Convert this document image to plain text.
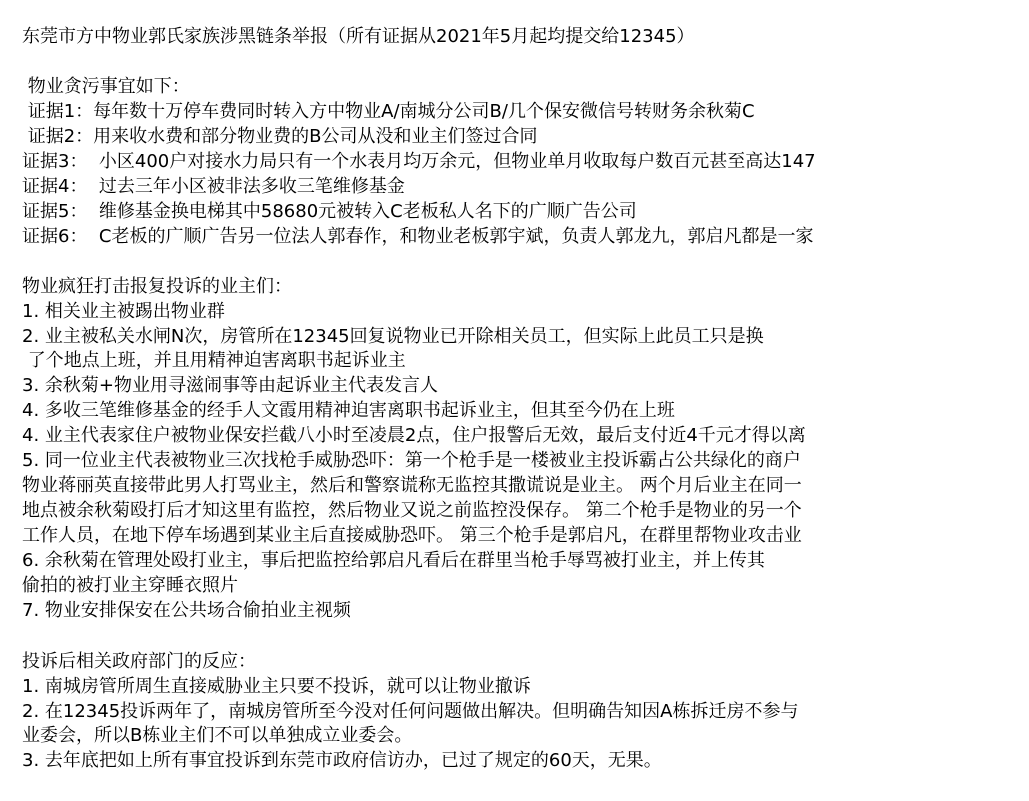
东莞市方中物业郭氏家族涉黑链条举报（所有证据从2021年5月起均提交给12345）
物业贪污事宜如下：
证据1：每年数十万停车费同时转入方中物业A/南城分公司B/几个保安微信号转财务余秋菊C
证据2：用来收水费和部分物业费的B公司从没和业主们签过合同
证据3：  小区400户对接水力局只有一个水表月均万余元，但物业单月收取每户数百元甚至高达147
证据4：  过去三年小区被非法多收三笔维修基金
证据5：  维修基金换电梯其中58680元被转入C老板私人名下的广顺广告公司
证据6：  C老板的广顺广告另一位法人郭春作，和物业老板郭宇斌，负责人郭龙九，郭启凡都是一家
物业疯狂打击报复投诉的业主们：
1. 相关业主被踢出物业群
2. 业主被私关水闸N次，房管所在12345回复说物业已开除相关员工，但实际上此员工只是换
了个地点上班，并且用精神迫害离职书起诉业主
3. 余秋菊+物业用寻滋闹事等由起诉业主代表发言人
4. 多收三笔维修基金的经手人文霞用精神迫害离职书起诉业主，但其至今仍在上班
4. 业主代表家住户被物业保安拦截八小时至凌晨2点，住户报警后无效，最后支付近4千元才得以离
5. 同一位业主代表被物业三次找枪手威胁恐吓：第一个枪手是一楼被业主投诉霸占公共绿化的商户
物业蒋丽英直接带此男人打骂业主，然后和警察谎称无监控其撒谎说是业主。 两个月后业主在同一
地点被余秋菊殴打后才知这里有监控，然后物业又说之前监控没保存。 第二个枪手是物业的另一个
工作人员，在地下停车场遇到某业主后直接威胁恐吓。 第三个枪手是郭启凡，在群里帮物业攻击业
6. 余秋菊在管理处殴打业主，事后把监控给郭启凡看后在群里当枪手辱骂被打业主，并上传其
偷拍的被打业主穿睡衣照片
7. 物业安排保安在公共场合偷拍业主视频
投诉后相关政府部门的反应：
1. 南城房管所周生直接威胁业主只要不投诉，就可以让物业撤诉
2. 在12345投诉两年了，南城房管所至今没对任何问题做出解决。但明确告知因A栋拆迁房不参与
业委会，所以B栋业主们不可以单独成立业委会。
3. 去年底把如上所有事宜投诉到东莞市政府信访办，已过了规定的60天，无果。
